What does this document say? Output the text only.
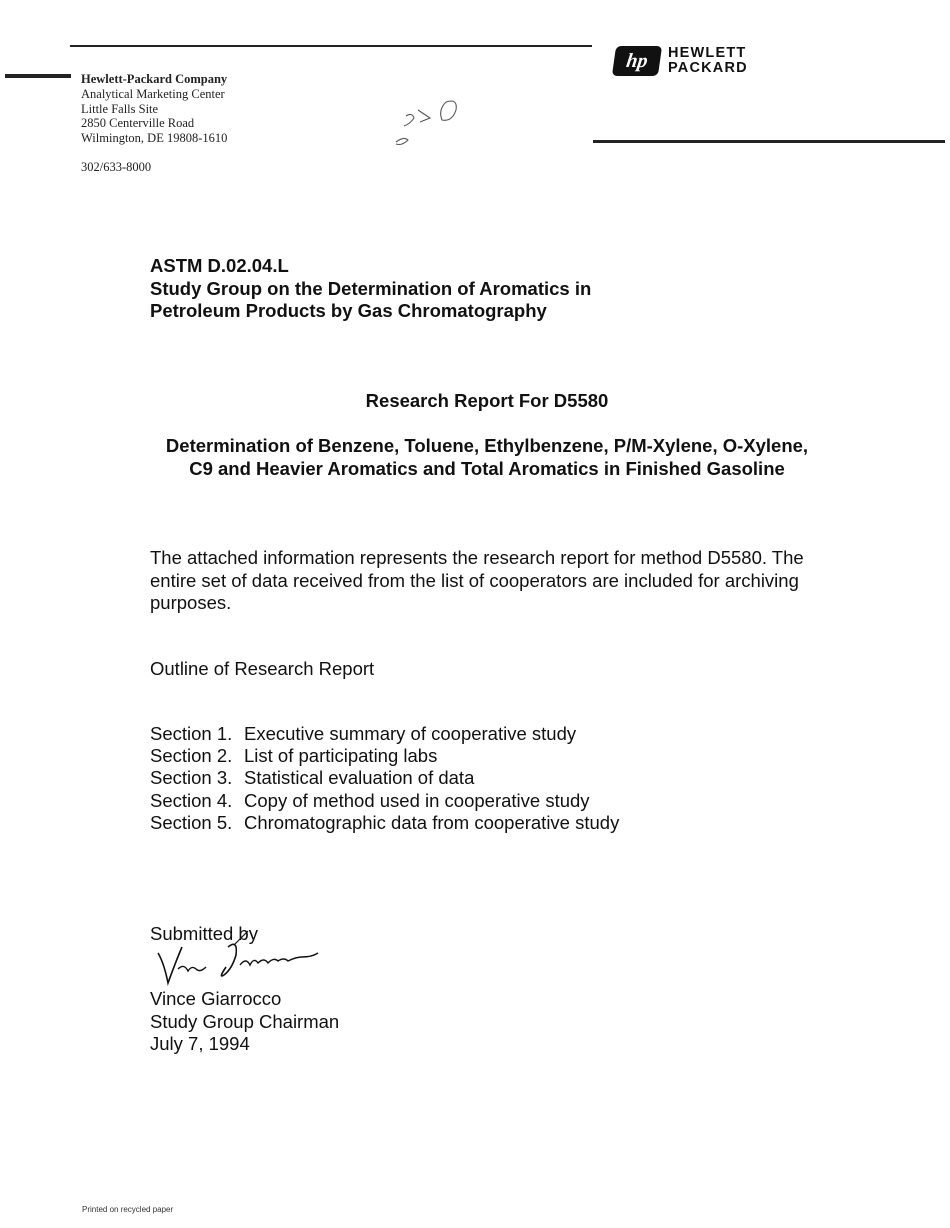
hp	HEWLETT
PACKARD
Hewlett-Packard Company
Analytical Marketing Center
Little Falls Site
2850 Centerville Road
Wilmington, DE 19808-1610
302/633-8000
ASTM D.02.04.L
Study Group on the Determination of Aromatics in
Petroleum Products by Gas Chromatography
Research Report For D5580
Determination of Benzene, Toluene, Ethylbenzene, P/M-Xylene, O-Xylene,
C9 and Heavier Aromatics and Total Aromatics in Finished Gasoline
The attached information represents the research report for method D5580. The entire set of data received from the list of cooperators are included for archiving purposes.
Outline of Research Report
Section 1. Executive summary of cooperative study
Section 2. List of participating labs
Section 3. Statistical evaluation of data
Section 4. Copy of method used in cooperative study
Section 5. Chromatographic data from cooperative study
Submitted by
Vince Giarrocco
Study Group Chairman
July 7, 1994
Printed on recycled paper
